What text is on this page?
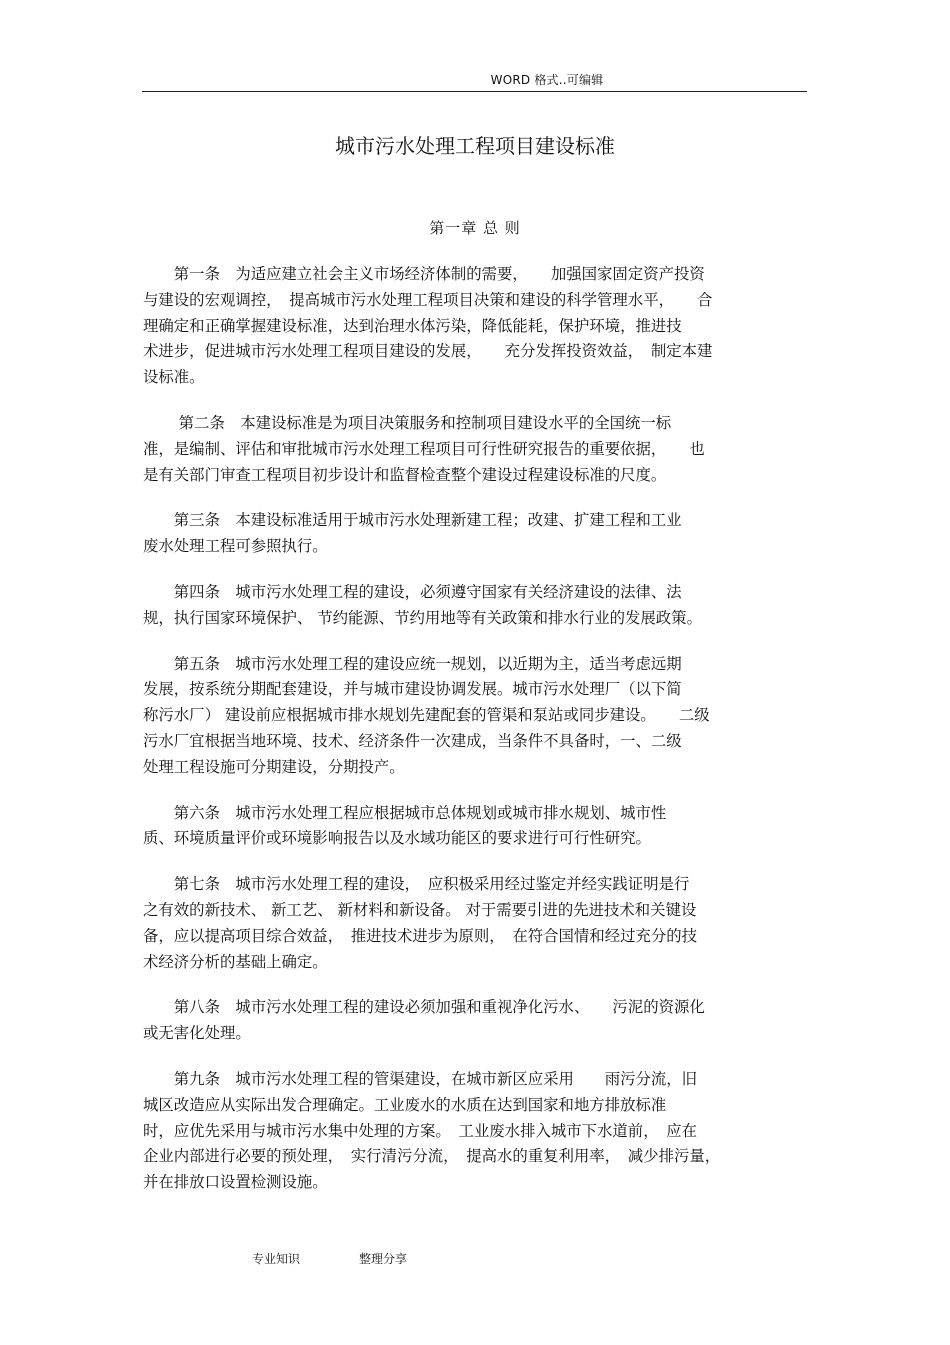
WORD 格式..可编辑
城市污水处理工程项目建设标准
第一章 总 则
　　第一条　为适应建立社会主义市场经济体制的需要，　　加强国家固定资产投资
与建设的宏观调控，　提高城市污水处理工程项目决策和建设的科学管理水平，　　合
理确定和正确掌握建设标准，达到治理水体污染，降低能耗，保护环境，推进技
术进步，促进城市污水处理工程项目建设的发展，　　充分发挥投资效益，　制定本建
设标准。
　　 第二条　本建设标准是为项目决策服务和控制项目建设水平的全国统一标
准，是编制、评估和审批城市污水处理工程项目可行性研究报告的重要依据，　　也
是有关部门审查工程项目初步设计和监督检查整个建设过程建设标准的尺度。
　　第三条　本建设标准适用于城市污水处理新建工程；改建、扩建工程和工业
废水处理工程可参照执行。
　　第四条　城市污水处理工程的建设，必须遵守国家有关经济建设的法律、法
规，执行国家环境保护、 节约能源、节约用地等有关政策和排水行业的发展政策。
　　第五条　城市污水处理工程的建设应统一规划，以近期为主，适当考虑远期
发展，按系统分期配套建设，并与城市建设协调发展。城市污水处理厂（以下简
称污水厂） 建设前应根据城市排水规划先建配套的管渠和泵站或同步建设。　　二级
污水厂宜根据当地环境、技术、经济条件一次建成，当条件不具备时，一、二级
处理工程设施可分期建设，分期投产。
　　第六条　城市污水处理工程应根据城市总体规划或城市排水规划、城市性
质、环境质量评价或环境影响报告以及水域功能区的要求进行可行性研究。
　　第七条　城市污水处理工程的建设，　应积极采用经过鉴定并经实践证明是行
之有效的新技术、 新工艺、 新材料和新设备。 对于需要引进的先进技术和关键设
备，应以提高项目综合效益，　推进技术进步为原则，　在符合国情和经过充分的技
术经济分析的基础上确定。
　　第八条　城市污水处理工程的建设必须加强和重视净化污水、　　污泥的资源化
或无害化处理。
　　第九条　城市污水处理工程的管渠建设，在城市新区应采用　　雨污分流，旧
城区改造应从实际出发合理确定。工业废水的水质在达到国家和地方排放标准
时，应优先采用与城市污水集中处理的方案。　工业废水排入城市下水道前，　应在
企业内部进行必要的预处理，　实行清污分流，　提高水的重复利用率，　减少排污量，
并在排放口设置检测设施。
专业知识	整理分享
